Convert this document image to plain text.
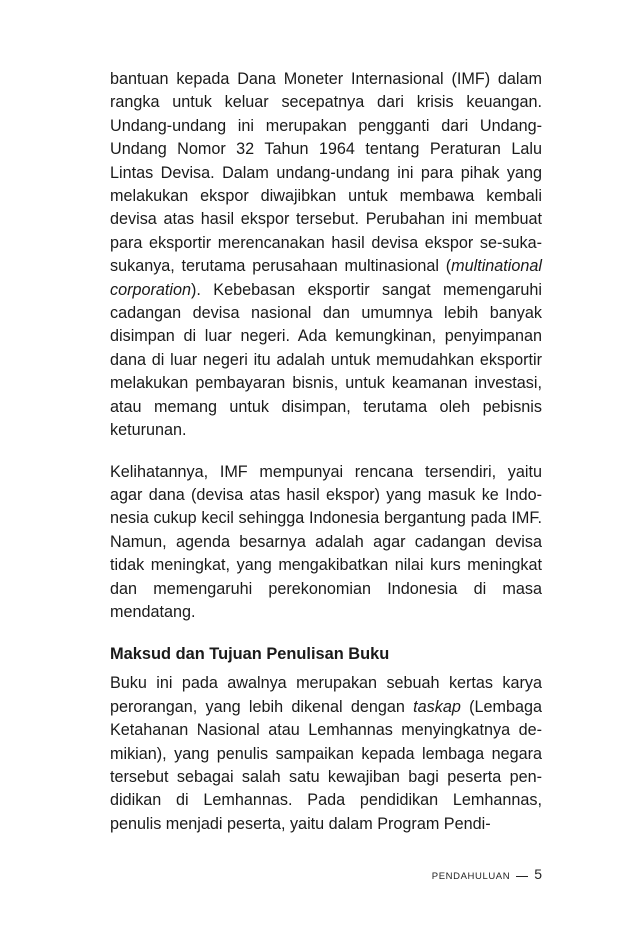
bantuan kepada Dana Moneter Internasional (IMF) dalam rangka untuk keluar secepatnya dari krisis keuangan. Undang-undang ini merupakan pengganti dari Undang-Undang Nomor 32 Tahun 1964 tentang Peraturan Lalu Lintas Devisa. Dalam undang-undang ini para pihak yang melakukan ekspor diwajibkan untuk membawa kembali devisa atas hasil ekspor tersebut. Perubahan ini membuat para eksportir merencanakan hasil devisa ekspor se-suka-sukanya, terutama perusahaan multinasional (multinational corporation). Kebebasan eksportir sangat memengaruhi cadangan devisa nasional dan umumnya lebih banyak disimpan di luar negeri. Ada kemungkinan, penyimpanan dana di luar negeri itu adalah untuk memudahkan eksportir melakukan pembayaran bisnis, untuk keamanan investasi, atau memang untuk disimpan, terutama oleh pebisnis keturunan.

Kelihatannya, IMF mempunyai rencana tersendiri, yaitu agar dana (devisa atas hasil ekspor) yang masuk ke Indo-nesia cukup kecil sehingga Indonesia bergantung pada IMF. Namun, agenda besarnya adalah agar cadangan devisa tidak meningkat, yang mengakibatkan nilai kurs meningkat dan memengaruhi perekonomian Indonesia di masa mendatang.

Maksud dan Tujuan Penulisan Buku

Buku ini pada awalnya merupakan sebuah kertas karya perorangan, yang lebih dikenal dengan taskap (Lembaga Ketahanan Nasional atau Lemhannas menyingkatnya de-mikian), yang penulis sampaikan kepada lembaga negara tersebut sebagai salah satu kewajiban bagi peserta pen-didikan di Lemhannas. Pada pendidikan Lemhannas, penulis menjadi peserta, yaitu dalam Program Pendi-

PENDAHULUAN 5
